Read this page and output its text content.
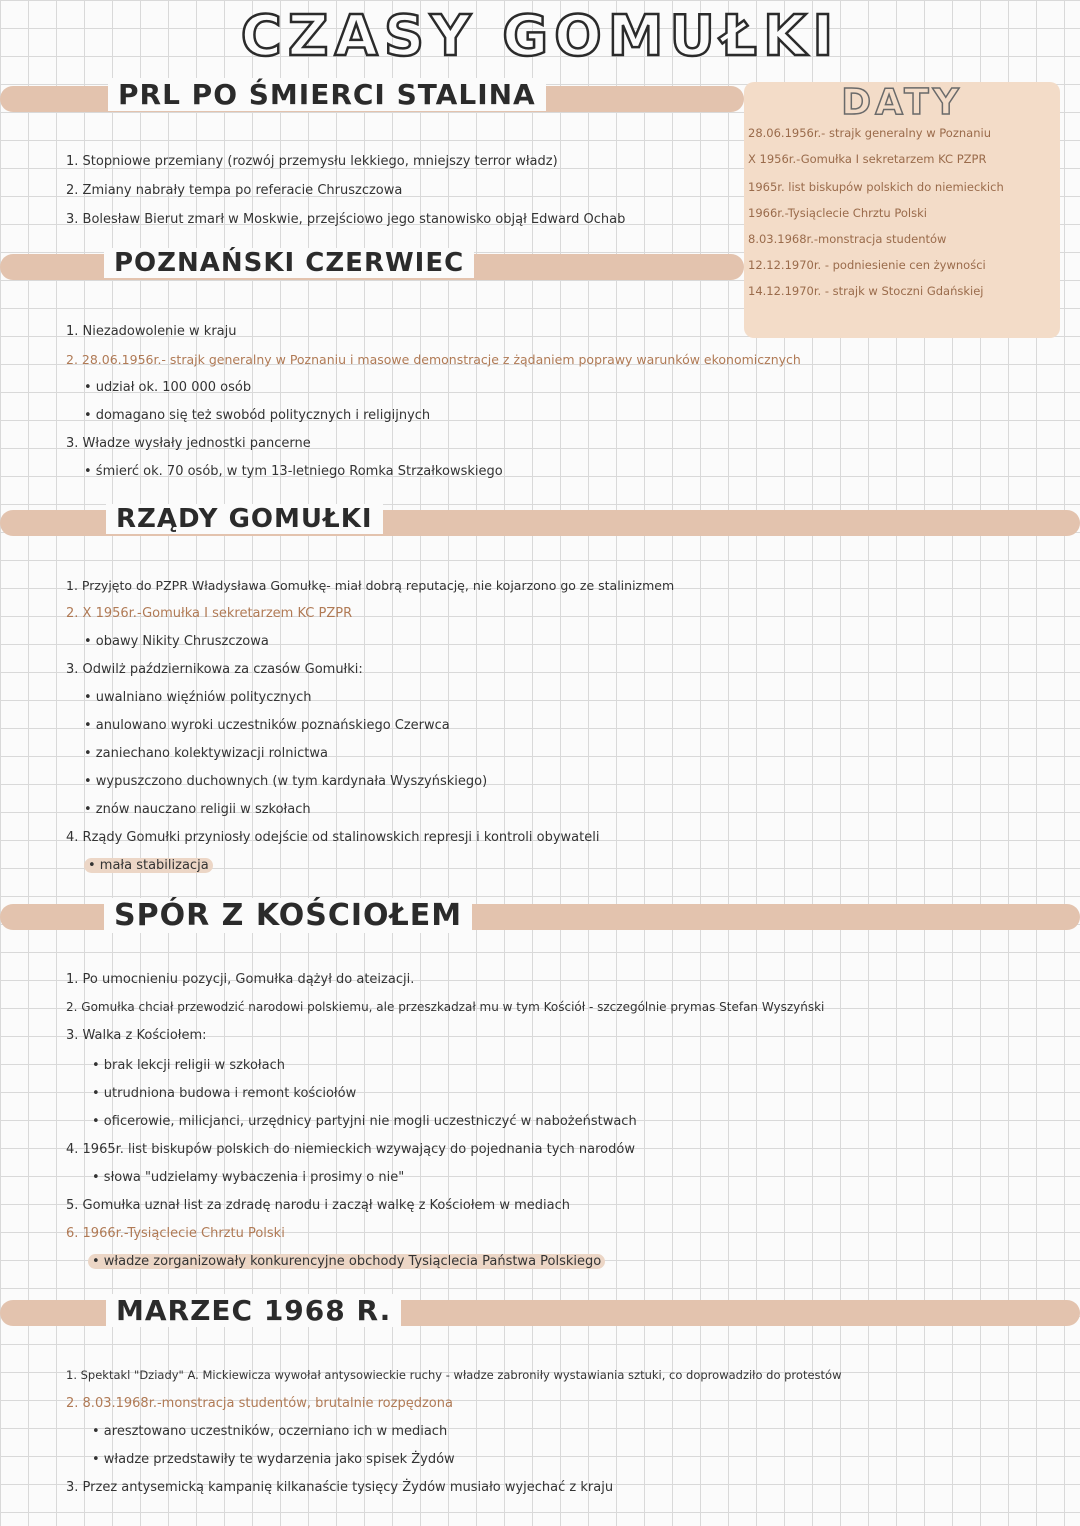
CZASY GOMUŁKI
DATY
28.06.1956r.- strajk generalny w Poznaniu
X 1956r.-Gomułka I sekretarzem KC PZPR
1965r. list biskupów polskich do niemieckich
1966r.-Tysiąclecie Chrztu Polski
8.03.1968r.-monstracja studentów
12.12.1970r. - podniesienie cen żywności
14.12.1970r. - strajk w Stoczni Gdańskiej
PRL PO ŚMIERCI STALINA
1. Stopniowe przemiany (rozwój przemysłu lekkiego, mniejszy terror władz)
2. Zmiany nabrały tempa po referacie Chruszczowa
3. Bolesław Bierut zmarł w Moskwie, przejściowo jego stanowisko objął Edward Ochab
POZNAŃSKI CZERWIEC
1. Niezadowolenie w kraju
2. 28.06.1956r.- strajk generalny w Poznaniu i masowe demonstracje z żądaniem poprawy warunków ekonomicznych
• udział ok. 100 000 osób
• domagano się też swobód politycznych i religijnych
3. Władze wysłały jednostki pancerne
• śmierć ok. 70 osób, w tym 13-letniego Romka Strzałkowskiego
RZĄDY GOMUŁKI
1. Przyjęto do PZPR Władysława Gomułkę- miał dobrą reputację, nie kojarzono go ze stalinizmem
2. X 1956r.-Gomułka I sekretarzem KC PZPR
• obawy Nikity Chruszczowa
3. Odwilż październikowa za czasów Gomułki:
• uwalniano więźniów politycznych
• anulowano wyroki uczestników poznańskiego Czerwca
• zaniechano kolektywizacji rolnictwa
• wypuszczono duchownych (w tym kardynała Wyszyńskiego)
• znów nauczano religii w szkołach
4. Rządy Gomułki przyniosły odejście od stalinowskich represji i kontroli obywateli
• mała stabilizacja
SPÓR Z KOŚCIOŁEM
1. Po umocnieniu pozycji, Gomułka dążył do ateizacji.
2. Gomułka chciał przewodzić narodowi polskiemu, ale przeszkadzał mu w tym Kościół - szczególnie prymas Stefan Wyszyński
3. Walka z Kościołem:
• brak lekcji religii w szkołach
• utrudniona budowa i remont kościołów
• oficerowie, milicjanci, urzędnicy partyjni nie mogli uczestniczyć w nabożeństwach
4. 1965r. list biskupów polskich do niemieckich wzywający do pojednania tych narodów
• słowa "udzielamy wybaczenia i prosimy o nie"
5. Gomułka uznał list za zdradę narodu i zaczął walkę z Kościołem w mediach
6. 1966r.-Tysiąclecie Chrztu Polski
• władze zorganizowały konkurencyjne obchody Tysiąclecia Państwa Polskiego
MARZEC 1968 R.
1. Spektakl "Dziady" A. Mickiewicza wywołał antysowieckie ruchy - władze zabroniły wystawiania sztuki, co doprowadziło do protestów
2. 8.03.1968r.-monstracja studentów, brutalnie rozpędzona
• aresztowano uczestników, oczerniano ich w mediach
• władze przedstawiły te wydarzenia jako spisek Żydów
3. Przez antysemicką kampanię kilkanaście tysięcy Żydów musiało wyjechać z kraju
